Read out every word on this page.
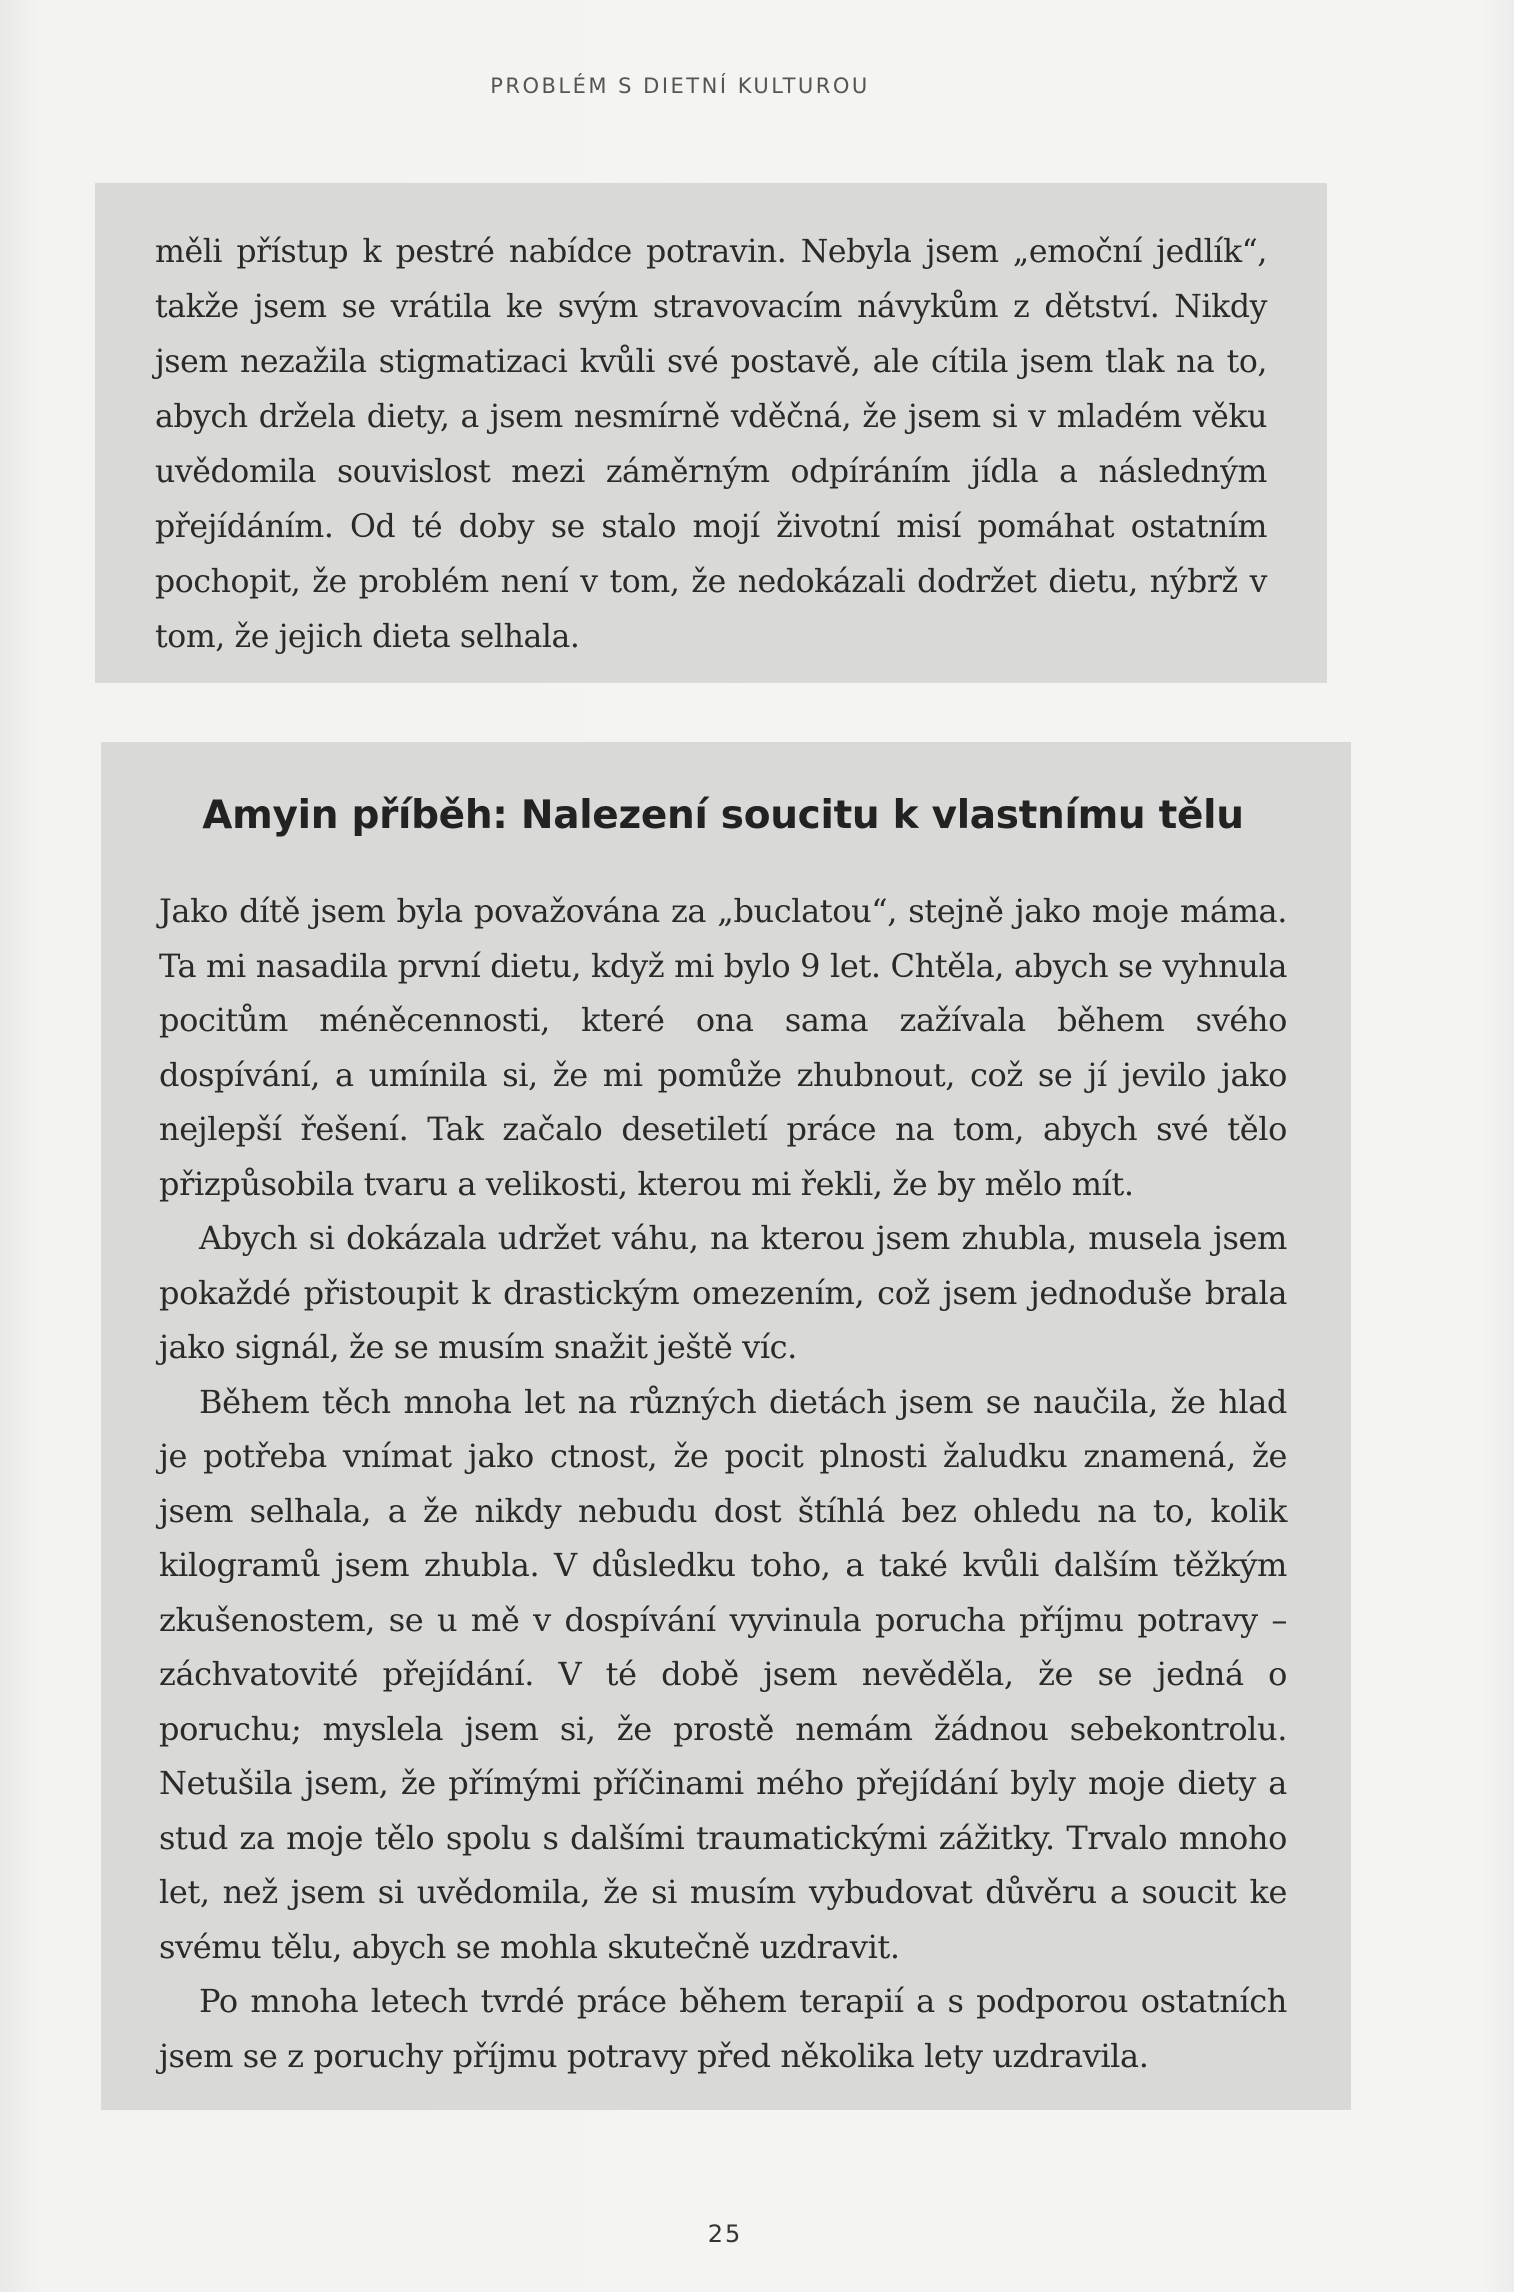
PROBLÉM S DIETNÍ KULTUROU

měli přístup k pestré nabídce potravin. Nebyla jsem „emoční jedlík“, takže jsem se vrátila ke svým stravovacím návykům z dětství. Nikdy jsem nezažila stigmatizaci kvůli své postavě, ale cítila jsem tlak na to, abych držela diety, a jsem nesmírně vděčná, že jsem si v mladém věku uvědomila souvislost mezi záměrným odpíráním jídla a následným přejídáním. Od té doby se stalo mojí životní misí pomáhat ostatním pochopit, že problém není v tom, že nedokázali dodržet dietu, nýbrž v tom, že jejich dieta selhala.

Amyin příběh: Nalezení soucitu k vlastnímu tělu

Jako dítě jsem byla považována za „buclatou“, stejně jako moje máma. Ta mi nasadila první dietu, když mi bylo 9 let. Chtěla, abych se vyhnula pocitům méněcennosti, které ona sama zažívala během svého dospívání, a umínila si, že mi pomůže zhubnout, což se jí jevilo jako nejlepší řešení. Tak začalo desetiletí práce na tom, abych své tělo přizpůsobila tvaru a velikosti, kterou mi řekli, že by mělo mít.

Abych si dokázala udržet váhu, na kterou jsem zhubla, musela jsem pokaždé přistoupit k drastickým omezením, což jsem jednoduše brala jako signál, že se musím snažit ještě víc.

Během těch mnoha let na různých dietách jsem se naučila, že hlad je potřeba vnímat jako ctnost, že pocit plnosti žaludku znamená, že jsem selhala, a že nikdy nebudu dost štíhlá bez ohledu na to, kolik kilogramů jsem zhubla. V důsledku toho, a také kvůli dalším těžkým zkušenostem, se u mě v dospívání vyvinula porucha příjmu potravy – záchvatovité přejídání. V té době jsem nevěděla, že se jedná o poruchu; myslela jsem si, že prostě nemám žádnou sebekontrolu. Netušila jsem, že přímými příčinami mého přejídání byly moje diety a stud za moje tělo spolu s dalšími traumatickými zážitky. Trvalo mnoho let, než jsem si uvědomila, že si musím vybudovat důvěru a soucit ke svému tělu, abych se mohla skutečně uzdravit.

Po mnoha letech tvrdé práce během terapií a s podporou ostatních jsem se z poruchy příjmu potravy před několika lety uzdravila.

25
